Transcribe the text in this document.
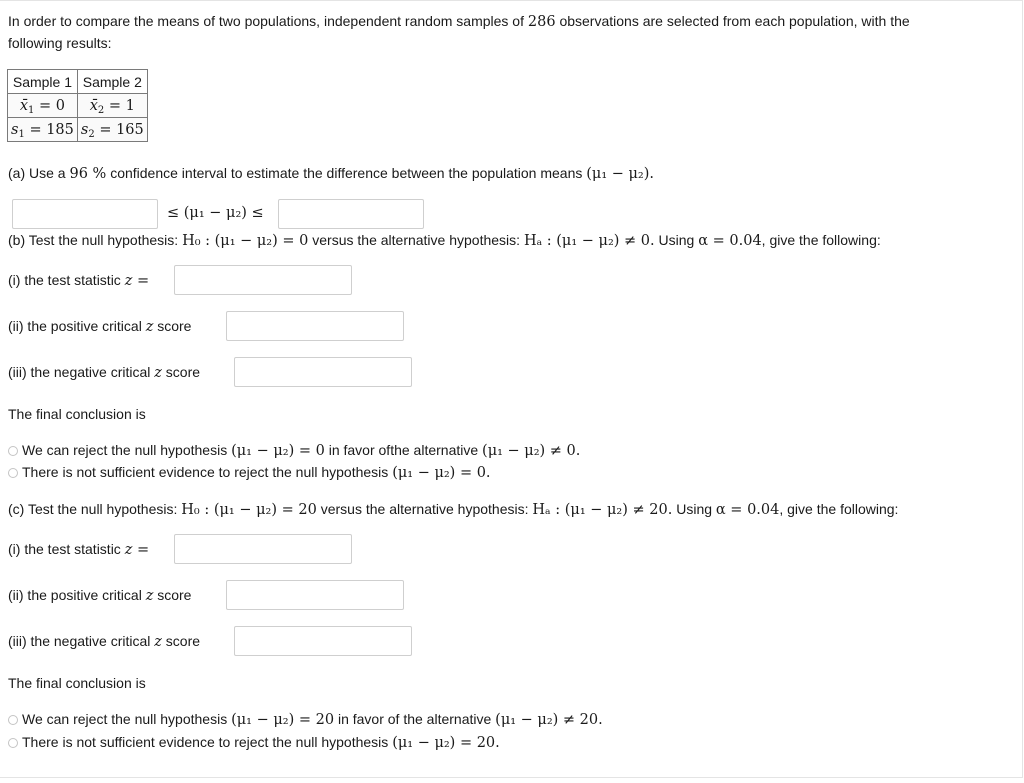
In order to compare the means of two populations, independent random samples of 286 observations are selected from each population, with the
following results:
Sample 1	Sample 2
$x̄_1 = 0$	$x̄_2 = 1$
$s_1 = 185$	$s_2 = 165$
(a) Use a 96 % confidence interval to estimate the difference between the population means (μ₁ − μ₂).
≤ (μ₁ − μ₂) ≤
(b) Test the null hypothesis: H₀ : (μ₁ − μ₂) = 0 versus the alternative hypothesis: Hₐ : (μ₁ − μ₂) ≠ 0. Using α = 0.04, give the following:
(i) the test statistic z =
(ii) the positive critical z score
(iii) the negative critical z score
The final conclusion is
We can reject the null hypothesis (μ₁ − μ₂) = 0 in favor ofthe alternative (μ₁ − μ₂) ≠ 0.
There is not sufficient evidence to reject the null hypothesis (μ₁ − μ₂) = 0.
(c) Test the null hypothesis: H₀ : (μ₁ − μ₂) = 20 versus the alternative hypothesis: Hₐ : (μ₁ − μ₂) ≠ 20. Using α = 0.04, give the following:
(i) the test statistic z =
(ii) the positive critical z score
(iii) the negative critical z score
The final conclusion is
We can reject the null hypothesis (μ₁ − μ₂) = 20 in favor of the alternative (μ₁ − μ₂) ≠ 20.
There is not sufficient evidence to reject the null hypothesis (μ₁ − μ₂) = 20.
